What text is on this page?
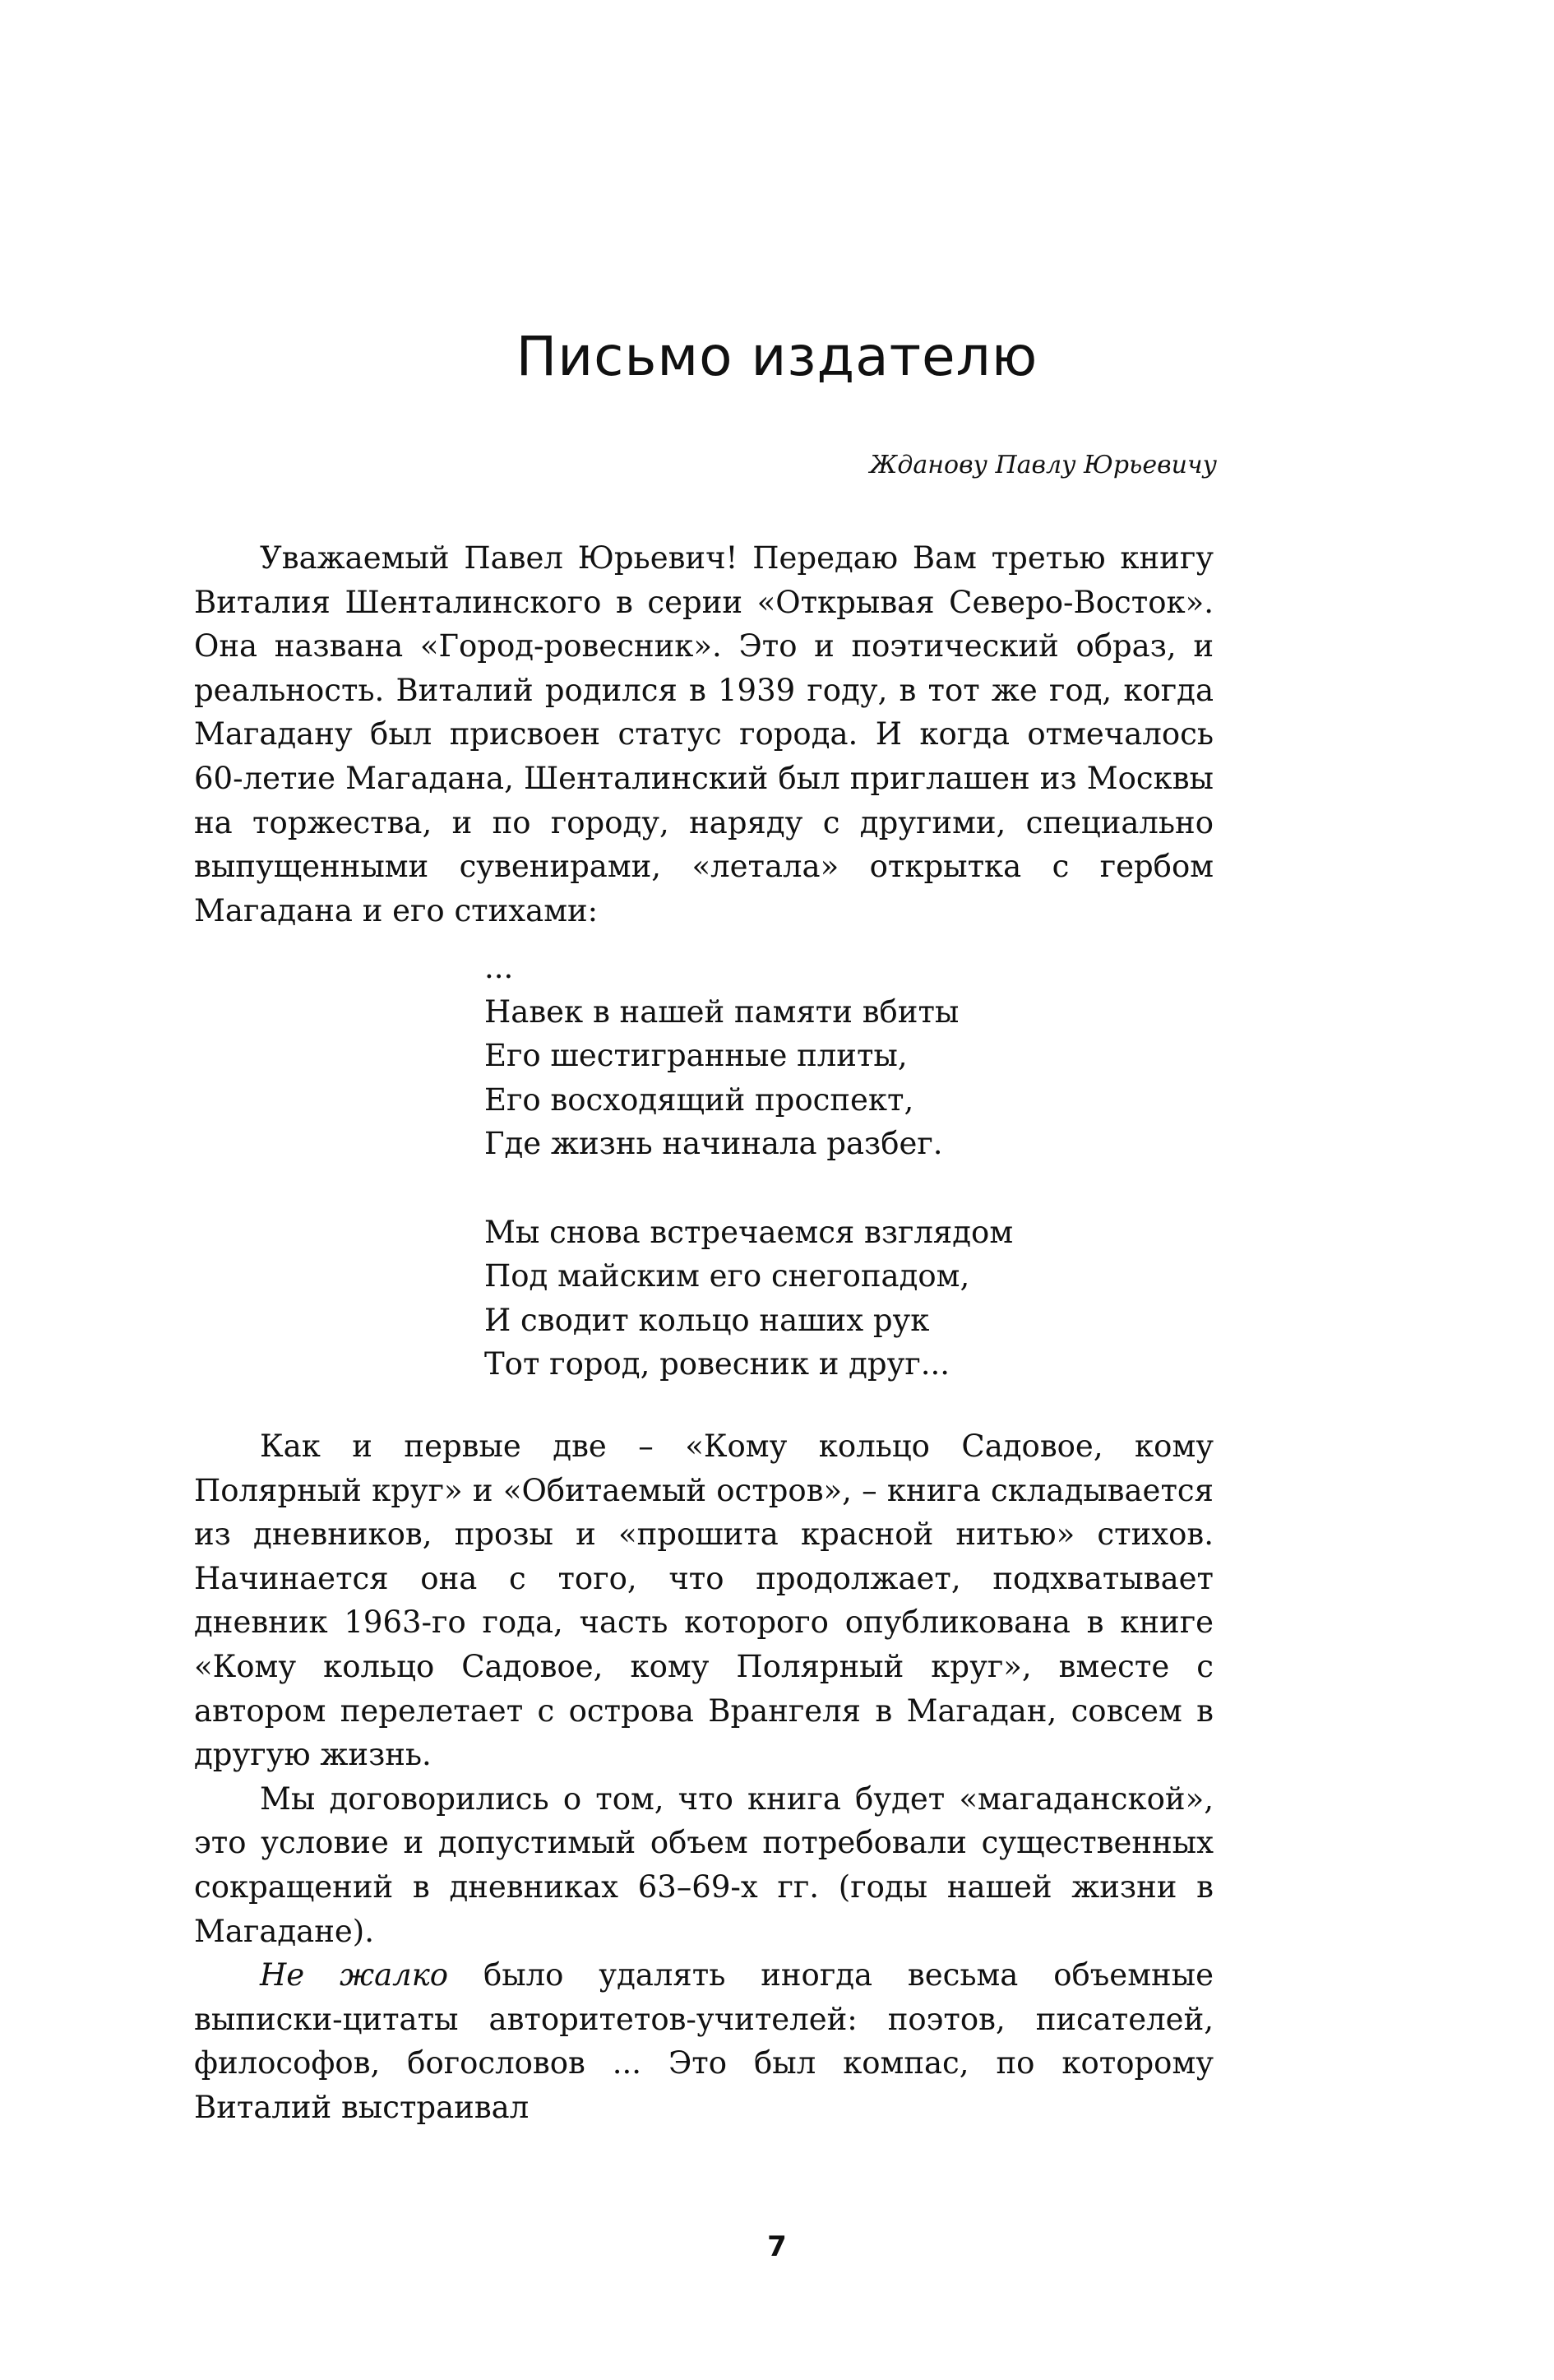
Письмо издателю

Жданову Павлу Юрьевичу

Уважаемый Павел Юрьевич! Передаю Вам третью книгу Виталия Шенталинского в серии «Открывая Северо-Восток». Она названа «Город-ровесник». Это и поэтический образ, и реальность. Виталий родился в 1939 году, в тот же год, когда Магадану был присвоен статус города. И когда отмечалось 60-летие Магадана, Шенталинский был приглашен из Москвы на торжества, и по городу, наряду с другими, специально выпущенными сувенирами, «летала» открытка с гербом Магадана и его стихами:

...
Навек в нашей памяти вбиты
Его шестигранные плиты,
Его восходящий проспект,
Где жизнь начинала разбег.
Мы снова встречаемся взглядом
Под майским его снегопадом,
И сводит кольцо наших рук
Тот город, ровесник и друг...

Как и первые две – «Кому кольцо Садовое, кому Полярный круг» и «Обитаемый остров», – книга складывается из дневников, прозы и «прошита красной нитью» стихов. Начинается она с того, что продолжает, подхватывает дневник 1963-го года, часть которого опубликована в книге «Кому кольцо Садовое, кому Полярный круг», вместе с автором перелетает с острова Врангеля в Магадан, совсем в другую жизнь.

Мы договорились о том, что книга будет «магаданской», это условие и допустимый объем потребовали существенных сокращений в дневниках 63–69-х гг. (годы нашей жизни в Магадане).

Не жалко было удалять иногда весьма объемные выписки-цитаты авторитетов-учителей: поэтов, писателей, философов, богословов ... Это был компас, по которому Виталий выстраивал

7
